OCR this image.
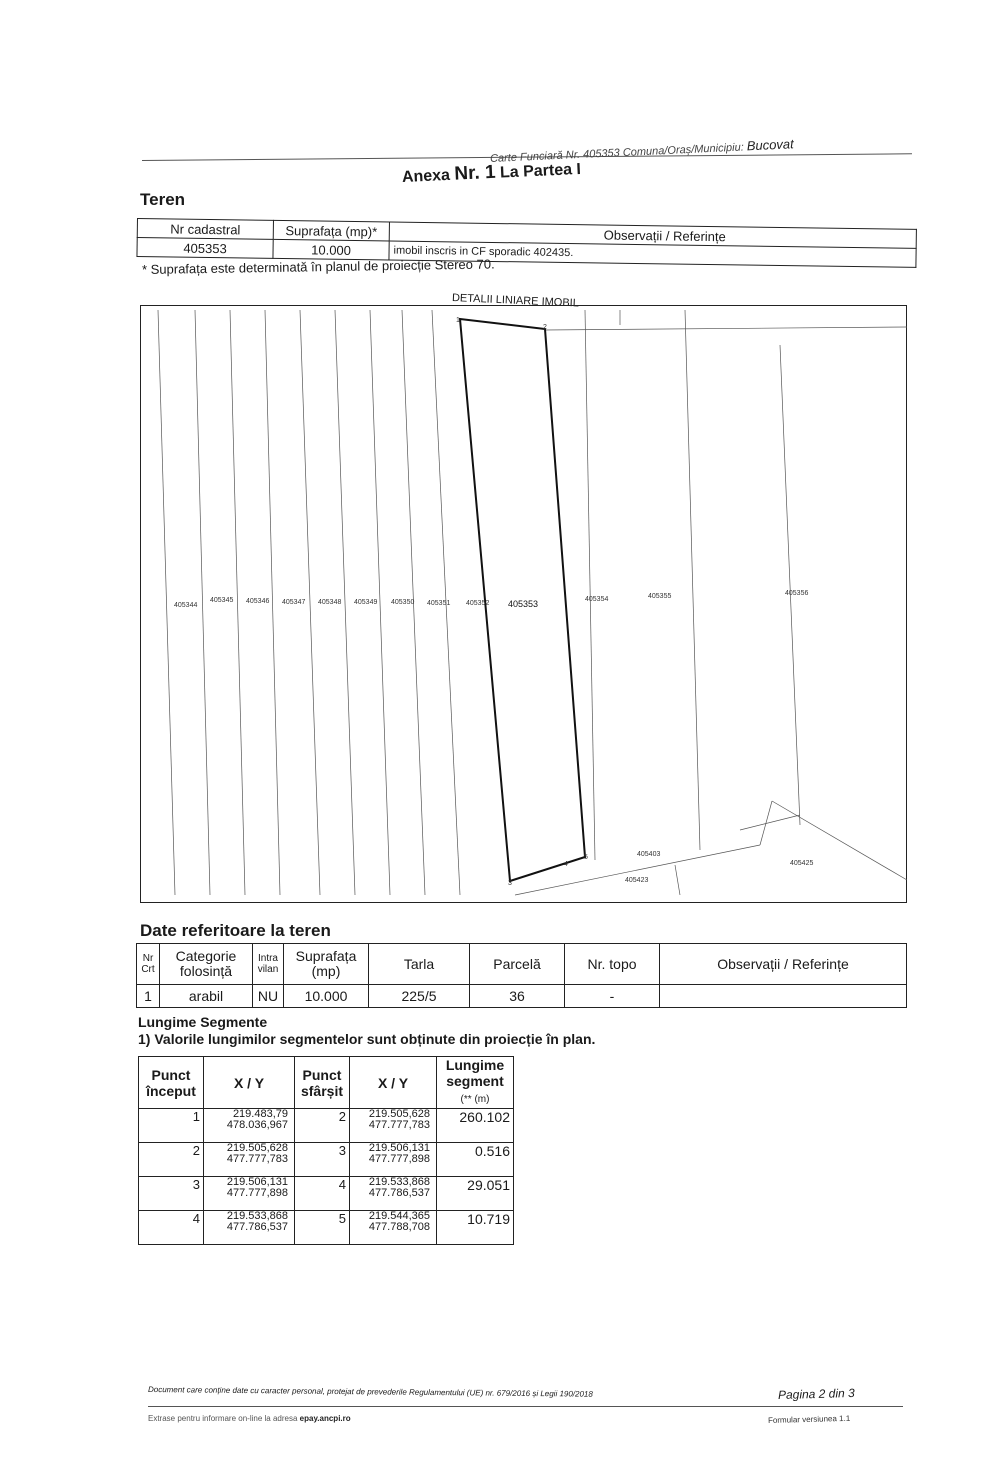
Carte Funciară Nr. 405353 Comuna/Oraș/Municipiu: Bucovat
Anexa Nr. 1 La Partea I
Teren
Nr cadastral	Suprafața (mp)*	Observații / Referințe
405353	10.000	imobil inscris in CF sporadic 402435.
* Suprafața este determinată în planul de proiecție Stereo 70.
DETALII LINIARE IMOBIL
405344
405345 405346 405347 405348 405349 405350 405351 405352 405353	405354	405355	405356
405403
405423
405425
1
2
3
4
5
Date referitoare la teren
Nr Crt	Categorie folosință	Intra vilan	Suprafața (mp)	Tarla	Parcelă	Nr. topo	Observații / Referințe
1	arabil	NU	10.000	225/5	36	-	
Lungime Segmente
1) Valorile lungimilor segmentelor sunt obținute din proiecție în plan.
Punct început	X / Y	Punct sfârșit	X / Y	Lungime segment
(** (m)
1	219.483,79
478.036,967	2	219.505,628
477.777,783	260.102
2	219.505,628
477.777,783	3	219.506,131
477.777,898	0.516
3	219.506,131
477.777,898	4	219.533,868
477.786,537	29.051
4	219.533,868
477.786,537	5	219.544,365
477.788,708	10.719
Document care conține date cu caracter personal, protejat de prevederile Regulamentului (UE) nr. 679/2016 și Legii 190/2018	Pagina 2 din 3
Extrase pentru informare on-line la adresa epay.ancpi.ro	Formular versiunea 1.1
